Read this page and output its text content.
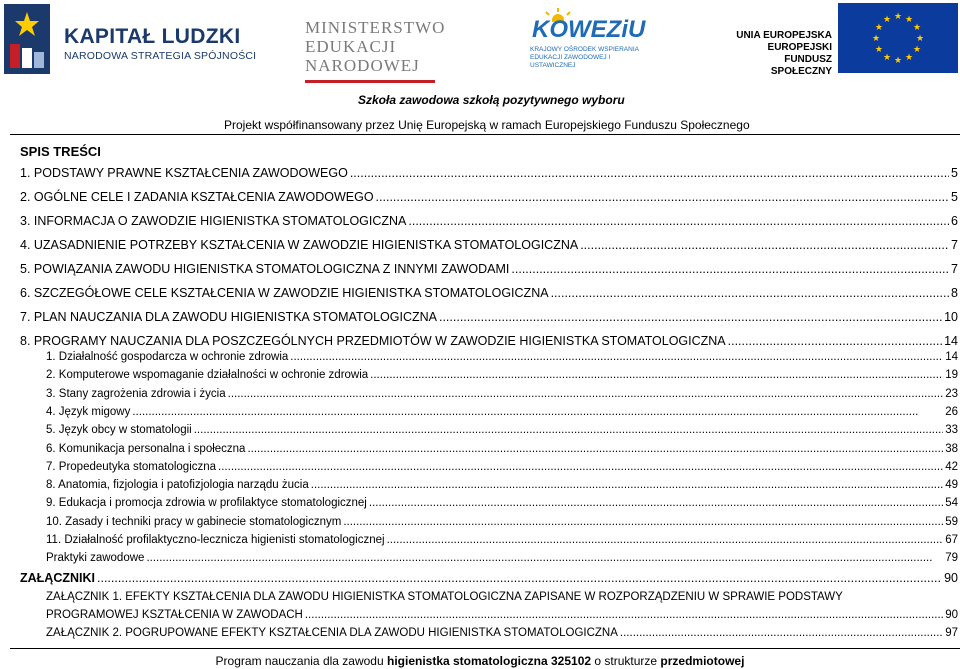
KAPITAŁ LUDZKI
NARODOWA STRATEGIA SPÓJNOŚCI
MINISTERSTWO
EDUKACJI
NARODOWEJ
KOWEZiU
KRAJOWY OŚRODEK WSPIERANIA EDUKACJI ZAWODOWEJ I USTAWICZNEJ
UNIA EUROPEJSKA
EUROPEJSKI
FUNDUSZ SPOŁECZNY
★
★
★
★
★
★
★
★
★ ★ ★
★
Szkoła zawodowa szkołą pozytywnego wyboru
Projekt współfinansowany przez Unię Europejską w ramach Europejskiego Funduszu Społecznego
SPIS TREŚCI
1. PODSTAWY PRAWNE KSZTAŁCENIA ZAWODOWEGO .....	5
2. OGÓLNE CELE I ZADANIA KSZTAŁCENIA ZAWODOWEGO .....	5
3. INFORMACJA O ZAWODZIE HIGIENISTKA STOMATOLOGICZNA .....	6
4. UZASADNIENIE POTRZEBY KSZTAŁCENIA W ZAWODZIE HIGIENISTKA STOMATOLOGICZNA .....	7
5. POWIĄZANIA ZAWODU HIGIENISTKA STOMATOLOGICZNA Z INNYMI ZAWODAMI .....	7
6. SZCZEGÓŁOWE CELE KSZTAŁCENIA W ZAWODZIE HIGIENISTKA STOMATOLOGICZNA .....	8
7. PLAN NAUCZANIA DLA ZAWODU HIGIENISTKA STOMATOLOGICZNA .....	10
8. PROGRAMY NAUCZANIA DLA POSZCZEGÓLNYCH PRZEDMIOTÓW W ZAWODZIE HIGIENISTKA STOMATOLOGICZNA .....	14
1. Działalność gospodarcza w ochronie zdrowia .....	14
2. Komputerowe wspomaganie działalności w ochronie zdrowia .....	19
3. Stany zagrożenia zdrowia i życia .....	23
4. Język migowy .....	26
5. Język obcy w stomatologii .....	33
6. Komunikacja personalna i społeczna .....	38
7. Propedeutyka stomatologiczna .....	42
8. Anatomia, fizjologia i patofizjologia narządu żucia .....	49
9. Edukacja i promocja zdrowia w profilaktyce stomatologicznej .....	54
10. Zasady i techniki pracy w gabinecie stomatologicznym .....	59
11. Działalność profilaktyczno-lecznicza higienisti stomatologicznej .....	67
Praktyki zawodowe .....	79
ZAŁĄCZNIKI .....	90
ZAŁĄCZNIK 1. EFEKTY KSZTAŁCENIA DLA ZAWODU HIGIENISTKA STOMATOLOGICZNA ZAPISANE W ROZPORZĄDZENIU W SPRAWIE PODSTAWY
PROGRAMOWEJ KSZTAŁCENIA W ZAWODACH .....	90
ZAŁĄCZNIK 2. POGRUPOWANE EFEKTY KSZTAŁCENIA DLA ZAWODU HIGIENISTKA STOMATOLOGICZNA .....	97
Program nauczania dla zawodu higienistka stomatologiczna 325102 o strukturze przedmiotowej
